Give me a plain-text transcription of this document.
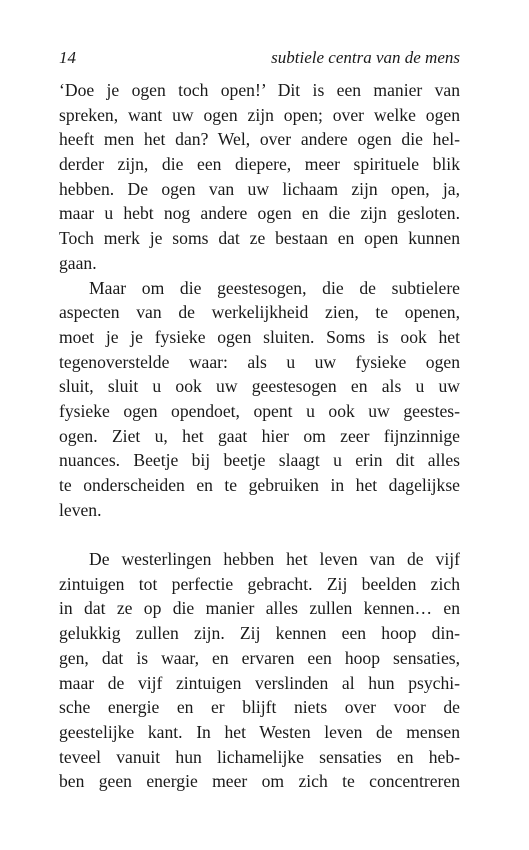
14	subtiele centra van de mens
‘Doe je ogen toch open!’ Dit is een manier van
spreken, want uw ogen zijn open; over welke ogen
heeft men het dan? Wel, over andere ogen die hel-
derder zijn, die een diepere, meer spirituele blik
hebben. De ogen van uw lichaam zijn open, ja,
maar u hebt nog andere ogen en die zijn gesloten.
Toch merk je soms dat ze bestaan en open kunnen
gaan.
Maar om die geestesogen, die de subtielere
aspecten van de werkelijkheid zien, te openen,
moet je je fysieke ogen sluiten. Soms is ook het
tegenoverstelde waar: als u uw fysieke ogen
sluit, sluit u ook uw geestesogen en als u uw
fysieke ogen opendoet, opent u ook uw geestes-
ogen. Ziet u, het gaat hier om zeer fijnzinnige
nuances. Beetje bij beetje slaagt u erin dit alles
te onderscheiden en te gebruiken in het dagelijkse
leven.
De westerlingen hebben het leven van de vijf
zintuigen tot perfectie gebracht. Zij beelden zich
in dat ze op die manier alles zullen kennen… en
gelukkig zullen zijn. Zij kennen een hoop din-
gen, dat is waar, en ervaren een hoop sensaties,
maar de vijf zintuigen verslinden al hun psychi-
sche energie en er blijft niets over voor de
geestelijke kant. In het Westen leven de mensen
teveel vanuit hun lichamelijke sensaties en heb-
ben geen energie meer om zich te concentreren
